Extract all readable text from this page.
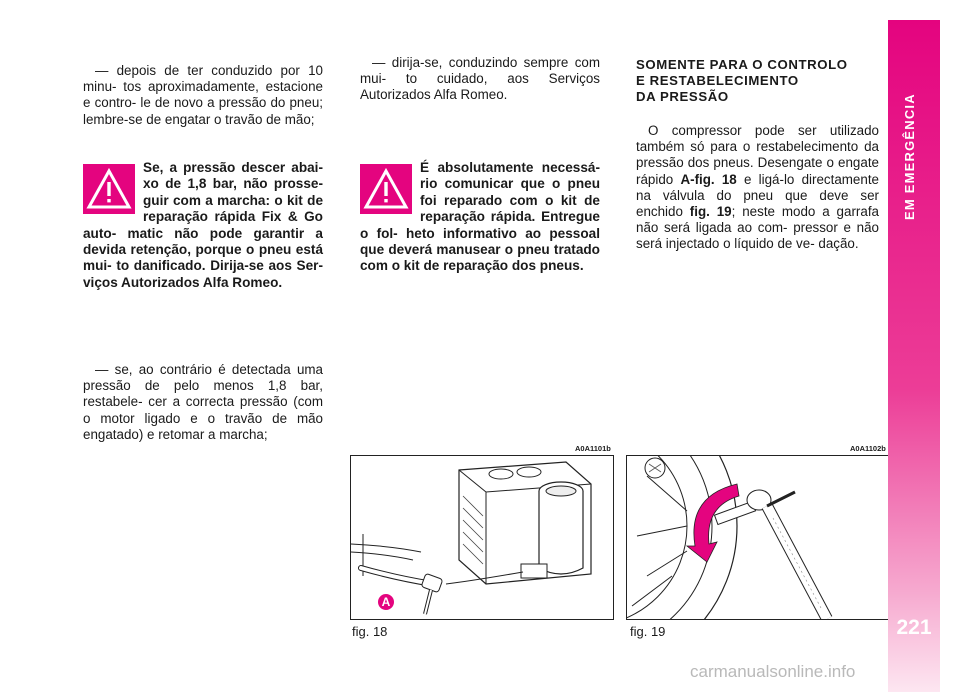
— depois de ter conduzido por 10 minu- tos aproximadamente, estacione e contro- le de novo a pressão do pneu; lembre-se de engatar o travão de mão;

Se, a pressão descer abai- xo de 1,8 bar, não prosse- guir com a marcha: o kit de reparação rápida Fix & Go auto- matic não pode garantir a devida retenção, porque o pneu está mui- to danificado. Dirija-se aos Ser- viços Autorizados Alfa Romeo.

— se, ao contrário é detectada uma pressão de pelo menos 1,8 bar, restabele- cer a correcta pressão (com o motor ligado e o travão de mão engatado) e retomar a marcha;

— dirija-se, conduzindo sempre com mui- to cuidado, aos Serviços Autorizados Alfa Romeo.

É absolutamente necessá- rio comunicar que o pneu foi reparado com o kit de reparação rápida. Entregue o fol- heto informativo ao pessoal que deverá manusear o pneu tratado com o kit de reparação dos pneus.
SOMENTE PARA O CONTROLO
E RESTABELECIMENTO
DA PRESSÃO

O compressor pode ser utilizado também só para o restabelecimento da pressão dos pneus. Desengate o engate rápido A-fig. 18 e ligá-lo directamente na válvula do pneu que deve ser enchido fig. 19; neste modo a garrafa não será ligada ao com- pressor e não será injectado o líquido de ve- dação.

A0A1101b
A
fig. 18
A0A1102b
fig. 19
EM EMERGÊNCIA
221
carmanualsonline.info
